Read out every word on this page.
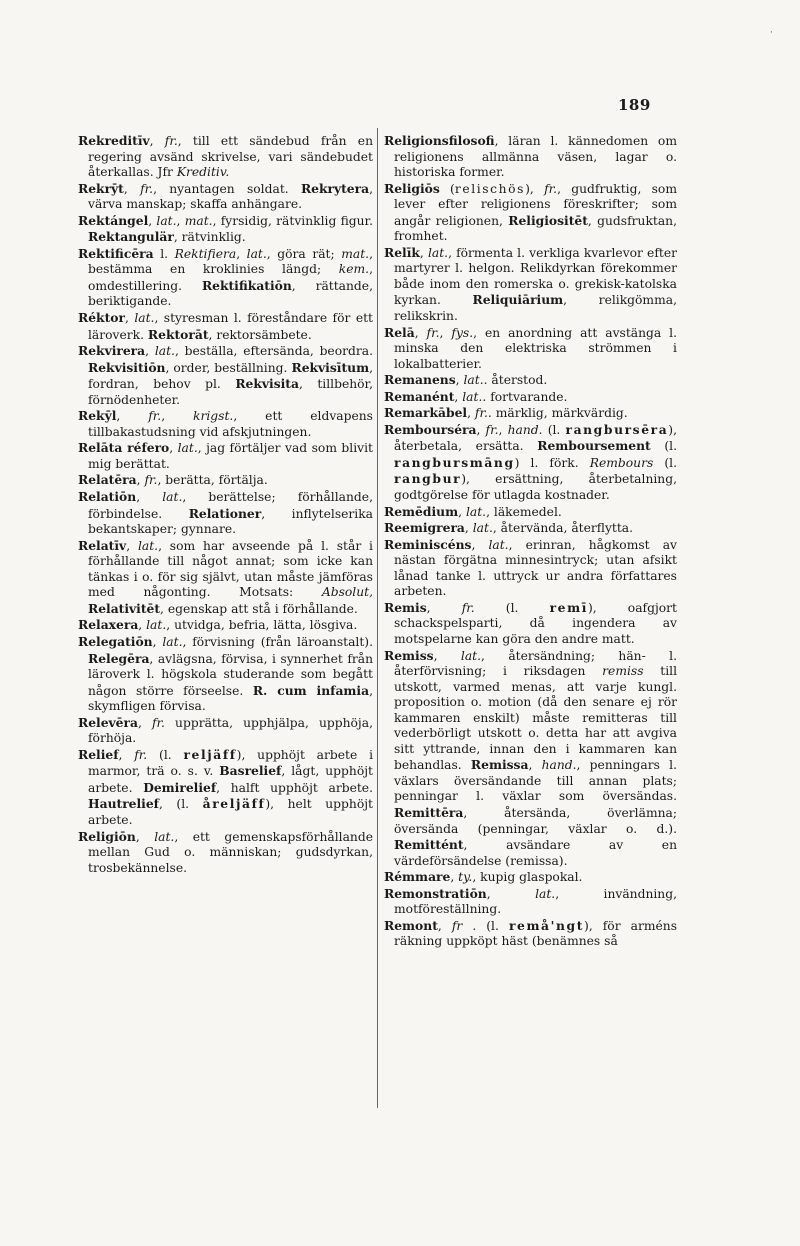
·
189

Rekreditīv, fr., till ett sändebud från en regering avsänd skrivelse, vari sändebudet återkallas. Jfr Kreditiv.

Rekrȳt, fr., nyantagen soldat. Rekrytera, värva manskap; skaffa anhängare.

Rektángel, lat., mat., fyrsidig, rätvinklig figur. Rektangulär, rätvinklig.

Rektificēra l. Rektifiera, lat., göra rät; mat., bestämma en kroklinies längd; kem., omdestillering. Rektifikatiōn, rättande, beriktigande.

Réktor, lat., styresman l. föreståndare för ett läroverk. Rektorāt, rektorsämbete.

Rekvirera, lat., beställa, eftersända, beordra. Rekvisitiōn, order, beställning. Rekvisītum, fordran, behov pl. Rekvisita, tillbehör, förnödenheter.

Rekȳl, fr., krigst., ett eldvapens tillbakastudsning vid afskjutningen.

Relāta réfero, lat., jag förtäljer vad som blivit mig berättat.

Relatēra, fr., berätta, förtälja.

Relatiōn, lat., berättelse; förhållande, förbindelse. Relationer, inflytelserika bekantskaper; gynnare.

Relatīv, lat., som har avseende på l. står i förhållande till något annat; som icke kan tänkas i o. för sig självt, utan måste jämföras med någonting. Motsats: Absolut, Relativitēt, egenskap att stå i förhållande.

Relaxera, lat., utvidga, befria, lätta, lösgiva.

Relegatiōn, lat., förvisning (från läroanstalt). Relegēra, avlägsna, förvisa, i synnerhet från läroverk l. högskola studerande som begått någon större förseelse. R. cum infamia, skymfligen förvisa.

Relevēra, fr. upprätta, upphjälpa, upphöja, förhöja.

Relief, fr. (l. reljäff), upphöjt arbete i marmor, trä o. s. v. Basrelief, lågt, upphöjt arbete. Demirelief, halft upphöjt arbete. Hautrelief, (l. åreljäff), helt upphöjt arbete.

Religiōn, lat., ett gemenskapsförhållande mellan Gud o. människan; gudsdyrkan, trosbekännelse.

Religionsfilosofi, läran l. kännedomen om religionens allmänna väsen, lagar o. historiska former.

Religiōs (relischös), fr., gudfruktig, som lever efter religionens föreskrifter; som angår religionen, Religiositēt, gudsfruktan, fromhet.

Relīk, lat., förmenta l. verkliga kvarlevor efter martyrer l. helgon. Relikdyrkan förekommer både inom den romerska o. grekisk-katolska kyrkan. Reliquiārium, relikgömma, relikskrin.

Relā, fr., fys., en anordning att avstänga l. minska den elektriska strömmen i lokalbatterier.

Remanens, lat.. återstod.

Remanént, lat.. fortvarande.

Remarkābel, fr.. märklig, märkvärdig.

Rembourséra, fr., hand. (l. rangbursēra), återbetala, ersätta. Remboursement (l. rangbursmāng) l. förk. Rembours (l. rangbur), ersättning, återbetalning, godtgörelse för utlagda kostnader.

Remēdium, lat., läkemedel.

Reemigrera, lat., återvända, återflytta.

Reminiscéns, lat., erinran, hågkomst av nästan förgätna minnesintryck; utan afsikt lånad tanke l. uttryck ur andra författares arbeten.

Remis, fr. (l. remī), oafgjort schackspelsparti, då ingendera av motspelarne kan göra den andre matt.

Remiss, lat., återsändning; hän- l. återförvisning; i riksdagen remiss till utskott, varmed menas, att varje kungl. proposition o. motion (då den senare ej rör kammaren enskilt) måste remitteras till vederbörligt utskott o. detta har att avgiva sitt yttrande, innan den i kammaren kan behandlas. Remissa, hand., penningars l. växlars översändande till annan plats; penningar l. växlar som översändas. Remittēra, återsända, överlämna; översända (penningar, växlar o. d.). Remittént, avsändare av en värdeförsändelse (remissa).

Rémmare, ty., kupig glaspokal.

Remonstratiōn, lat., invändning, motföreställning.

Remont, fr . (l. remå'ngt), för arméns räkning uppköpt häst (benämnes så
